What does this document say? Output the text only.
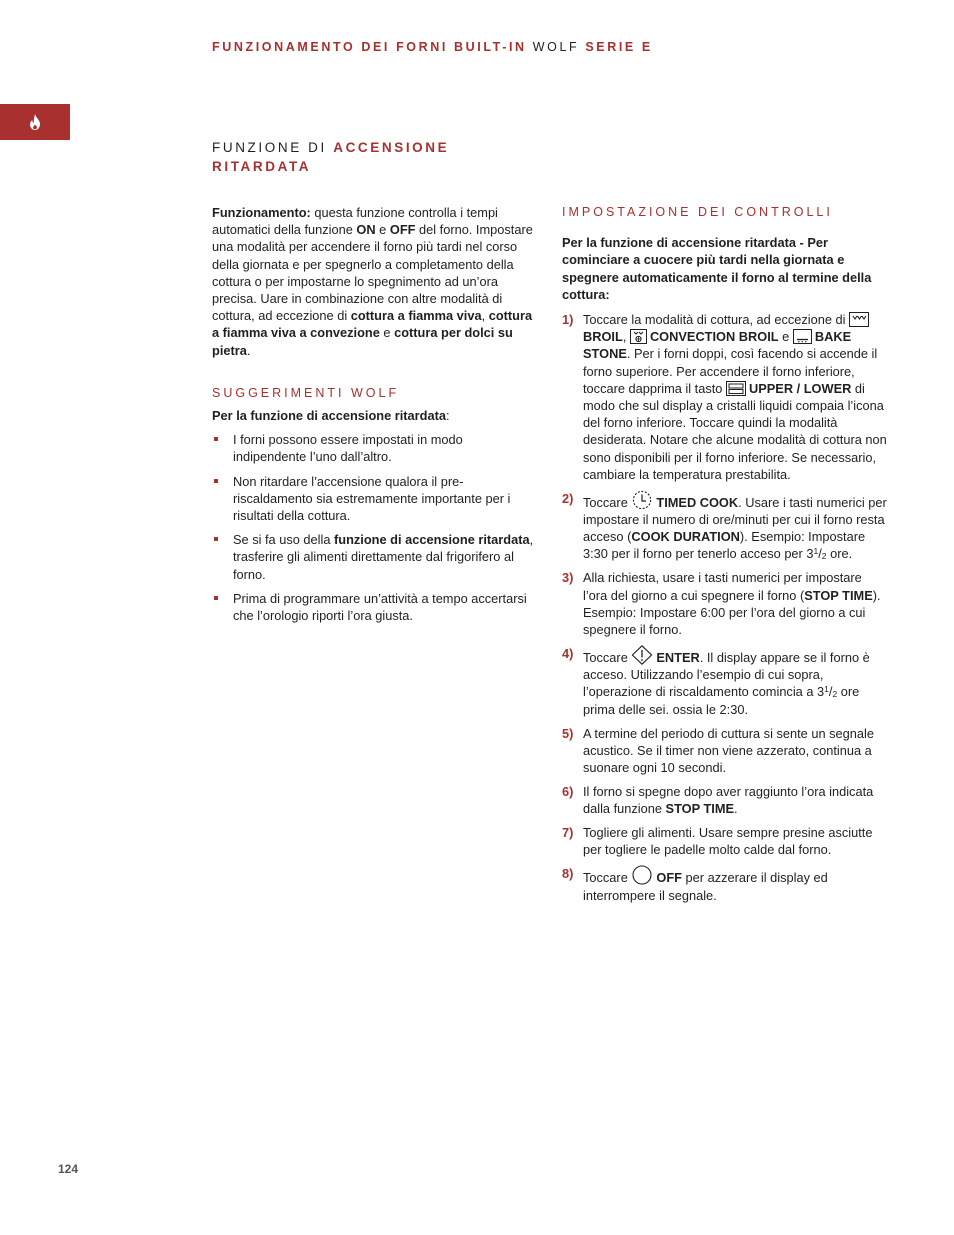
FUNZIONAMENTO DEI FORNI BUILT-IN WOLF SERIE E
FUNZIONE DI ACCENSIONE
RITARDATA

Funzionamento: questa funzione controlla i tempi automatici della funzione ON e OFF del forno. Impostare una modalità per accendere il forno più tardi nel corso della giornata e per spegnerlo a completamento della cottura o per impostarne lo spegnimento ad un’ora precisa. Uare in combinazione con altre modalità di cottura, ad eccezione di cottura a fiamma viva, cottura a fiamma viva a convezione e cottura per dolci su pietra.

SUGGERIMENTI WOLF

Per la funzione di accensione ritardata:

I forni possono essere impostati in modo indipendente l’uno dall’altro.
Non ritardare l’accensione qualora il pre-riscaldamento sia estremamente importante per i risultati della cottura.
Se si fa uso della funzione di accensione ritardata, trasferire gli alimenti direttamente dal frigorifero al forno.
Prima di programmare un’attività a tempo accertarsi che l’orologio riporti l’ora giusta.

IMPOSTAZIONE DEI CONTROLLI

Per la funzione di accensione ritardata - Per cominciare a cuocere più tardi nella giornata e spegnere automaticamente il forno al termine della cottura:

1) Toccare la modalità di cottura, ad eccezione di BROIL, CONVECTION BROIL e BAKE STONE. Per i forni doppi, così facendo si accende il forno superiore. Per accendere il forno inferiore, toccare dapprima il tasto UPPER / LOWER di modo che sul display a cristalli liquidi compaia l’icona del forno inferiore. Toccare quindi la modalità desiderata. Notare che alcune modalità di cottura non sono disponibili per il forno inferiore. Se necessario, cambiare la temperatura prestabilita.
2) Toccare TIMED COOK. Usare i tasti numerici per impostare il numero di ore/minuti per cui il forno resta acceso (COOK DURATION). Esempio: Impostare 3:30 per il forno per tenerlo acceso per $3^1/_2$ ore.
3) Alla richiesta, usare i tasti numerici per impostare l’ora del giorno a cui spegnere il forno (STOP TIME). Esempio: Impostare 6:00 per l’ora del giorno a cui spegnere il forno.
4) Toccare ENTER. Il display appare se il forno è acceso. Utilizzando l’esempio di cui sopra, l’operazione di riscaldamento comincia a $3^1/_2$ ore prima delle sei. ossia le 2:30.
5) A termine del periodo di cuttura si sente un segnale acustico. Se il timer non viene azzerato, continua a suonare ogni 10 secondi.
6) Il forno si spegne dopo aver raggiunto l’ora indicata dalla funzione STOP TIME.
7) Togliere gli alimenti. Usare sempre presine asciutte per togliere le padelle molto calde dal forno.
8) Toccare OFF per azzerare il display ed interrompere il segnale.
124
